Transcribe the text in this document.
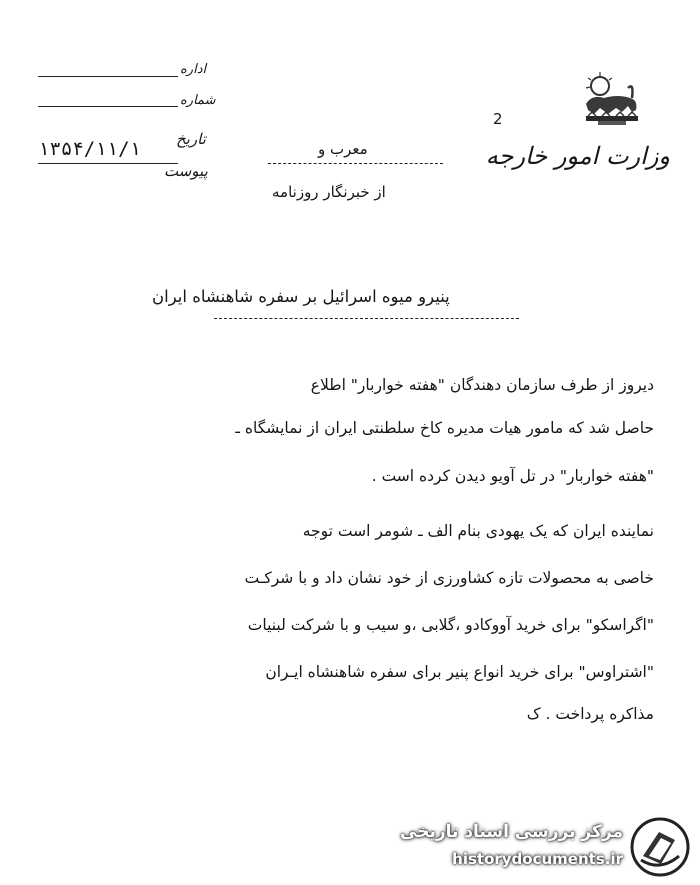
اداره
شماره
تاریخ
۱۳۵۴/۱۱/۱
پیوست
وزارت امور خارجه
2
معرب و
از خبرنگار روزنامه
پنیرو میوه اسرائیل بر سفره شاهنشاه ایران
دیروز از طرف سازمان دهندگان "هفته خواربار" اطلاع
حاصل شد که مامور هیات مدیره کاخ سلطنتی ایران از نمایشگاه ـ
"هفته خواربار" در تل آویو دیدن کرده است .
نماینده ایران که یک یهودی بنام الف ـ شومر است توجه
خاصی به محصولات تازه کشاورزی از خود نشان داد و با شرکـت
"اگراسکو" برای خرید آووکادو ،گلابی ،و سیب و با شرکت لبنیات
"اشتراوس" برای خرید انواع پنیر برای سفره شاهنشاه ایـران
مذاکره پرداخت . ک
مرکز بررسی اسناد تاریخی
historydocuments.ir
